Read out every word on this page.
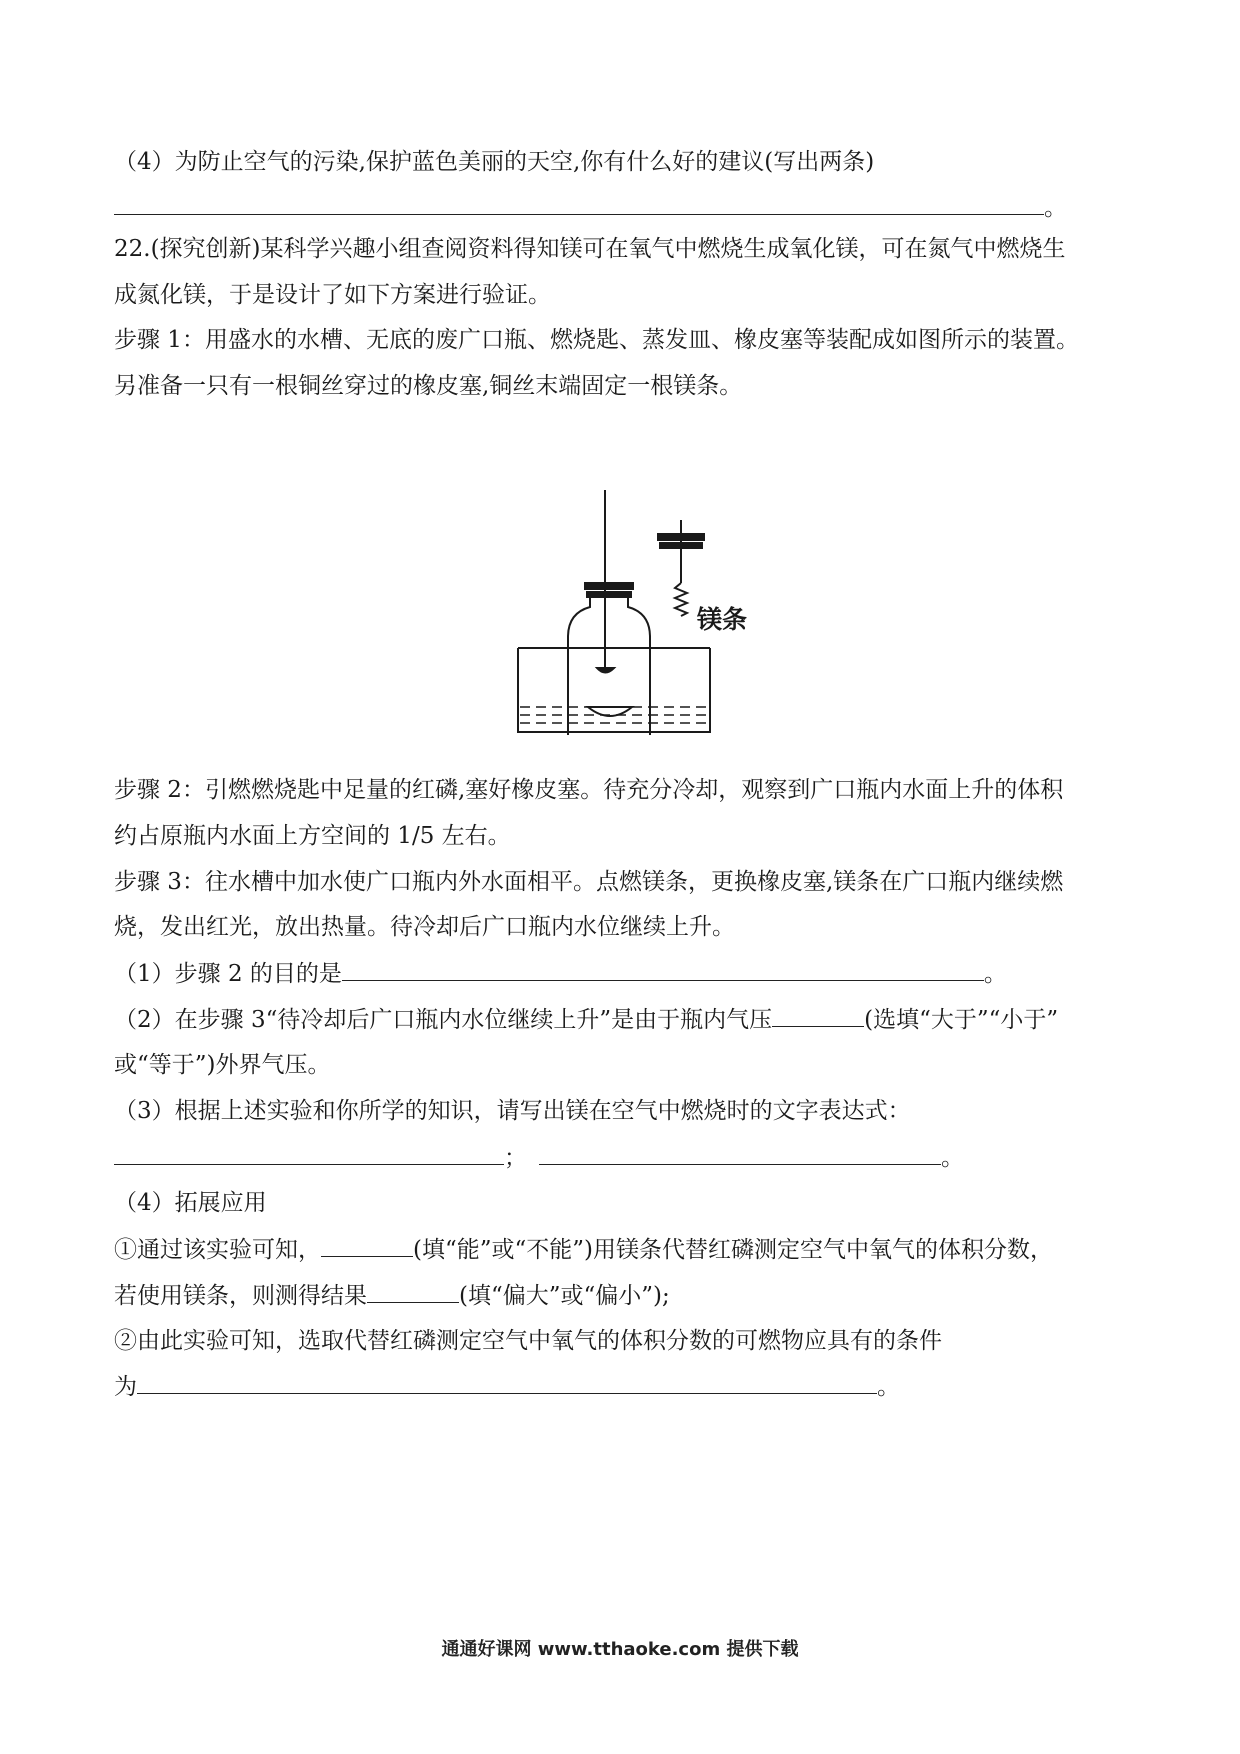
（4）为防止空气的污染,保护蓝色美丽的天空,你有什么好的建议(写出两条)
。
22.(探究创新)某科学兴趣小组查阅资料得知镁可在氧气中燃烧生成氧化镁，可在氮气中燃烧生
成氮化镁，于是设计了如下方案进行验证。
步骤 1：用盛水的水槽、无底的废广口瓶、燃烧匙、蒸发皿、橡皮塞等装配成如图所示的装置。
另准备一只有一根铜丝穿过的橡皮塞,铜丝末端固定一根镁条。
镁条
步骤 2：引燃燃烧匙中足量的红磷,塞好橡皮塞。待充分冷却，观察到广口瓶内水面上升的体积
约占原瓶内水面上方空间的 1/5 左右。
步骤 3：往水槽中加水使广口瓶内外水面相平。点燃镁条，更换橡皮塞,镁条在广口瓶内继续燃
烧，发出红光，放出热量。待冷却后广口瓶内水位继续上升。
（1）步骤 2 的目的是	。
（2）在步骤 3“待冷却后广口瓶内水位继续上升”是由于瓶内气压	(选填“大于”“小于”
或“等于”)外界气压。
（3）根据上述实验和你所学的知识，请写出镁在空气中燃烧时的文字表达式：
；	。
（4）拓展应用
①通过该实验可知，	(填“能”或“不能”)用镁条代替红磷测定空气中氧气的体积分数，
若使用镁条，则测得结果	(填“偏大”或“偏小”);
②由此实验可知，选取代替红磷测定空气中氧气的体积分数的可燃物应具有的条件
为	。
通通好课网 www.tthaoke.com 提供下载
